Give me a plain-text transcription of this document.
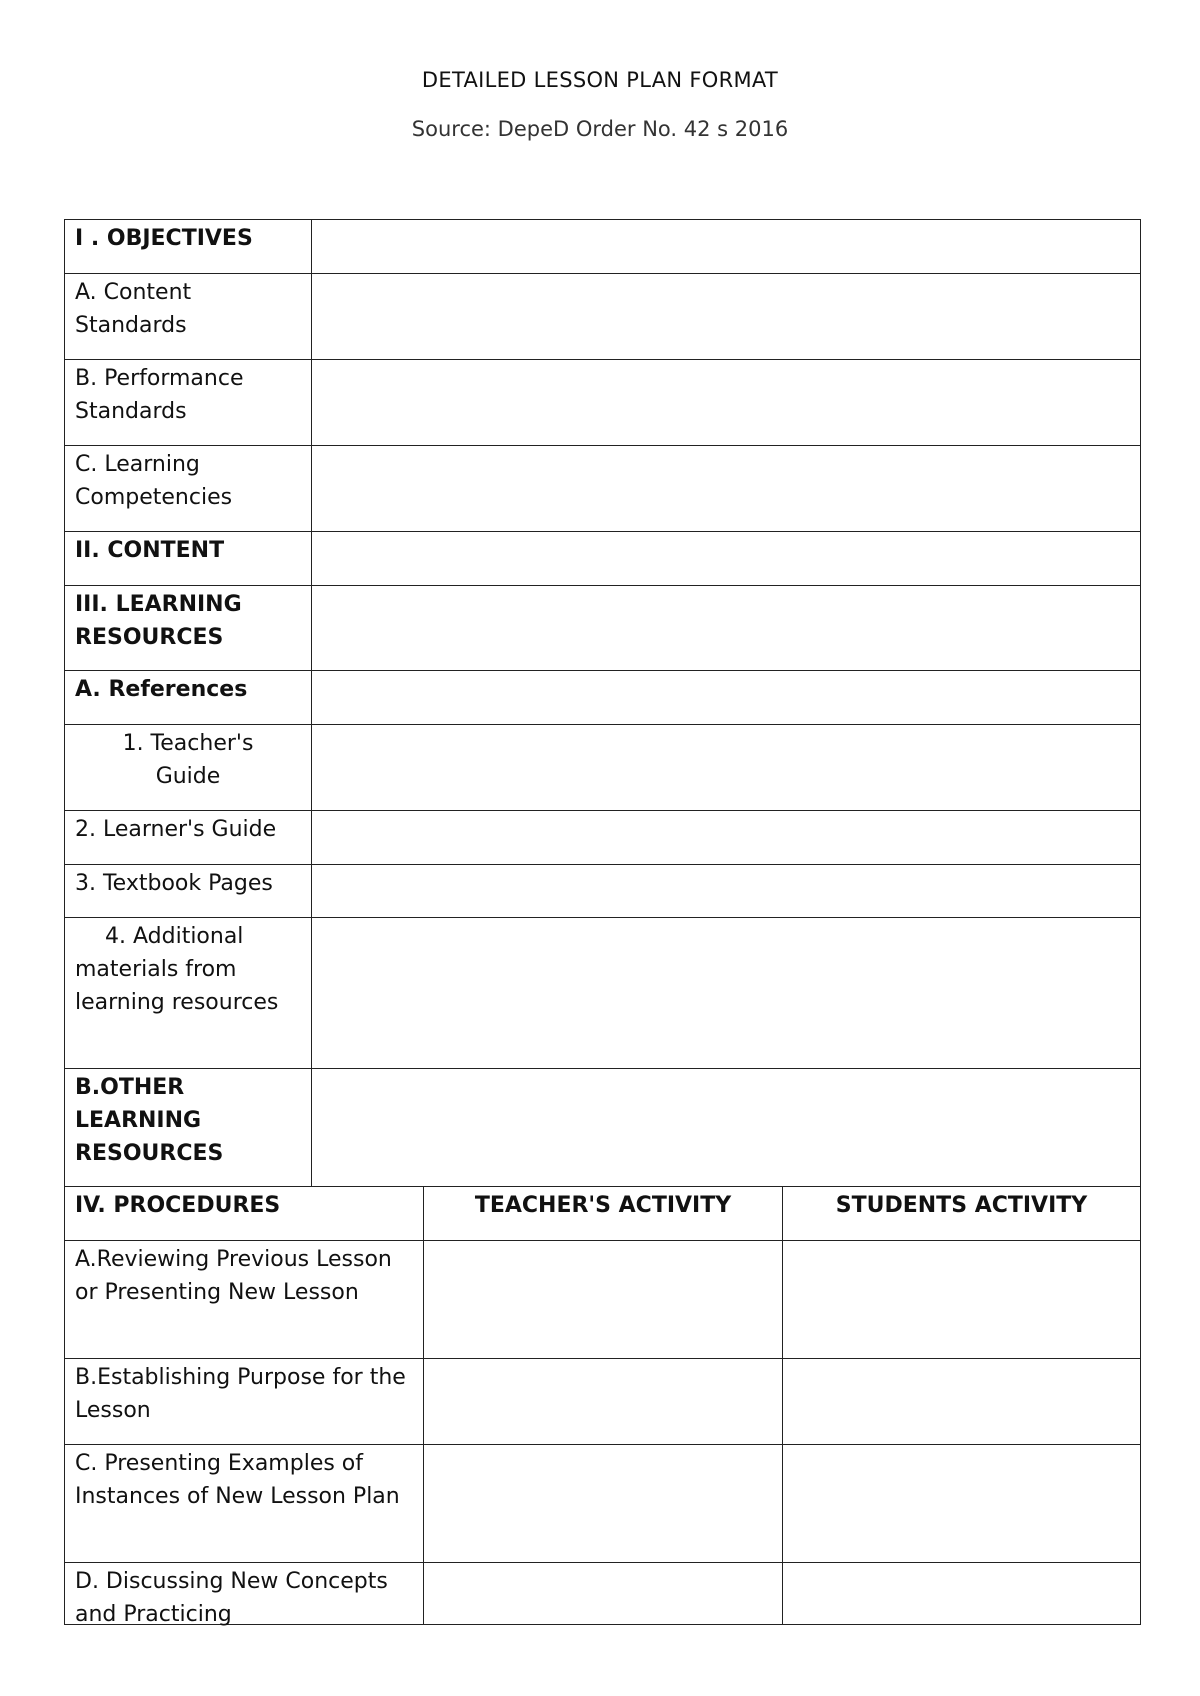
DETAILED LESSON PLAN FORMAT
Source: DepeD Order No. 42 s 2016
I . OBJECTIVES
A. Content Standards
B. Performance Standards
C. Learning Competencies
II. CONTENT
III. LEARNING RESOURCES
A. References
1. Teacher's Guide
2. Learner's Guide
3. Textbook Pages
4. Additional materials from learning resources
B.OTHER LEARNING RESOURCES
IV. PROCEDURES	TEACHER'S ACTIVITY	STUDENTS ACTIVITY
A.Reviewing Previous Lesson or Presenting New Lesson
B.Establishing Purpose for the Lesson
C. Presenting Examples of Instances of New Lesson Plan
D. Discussing New Concepts and Practicing
